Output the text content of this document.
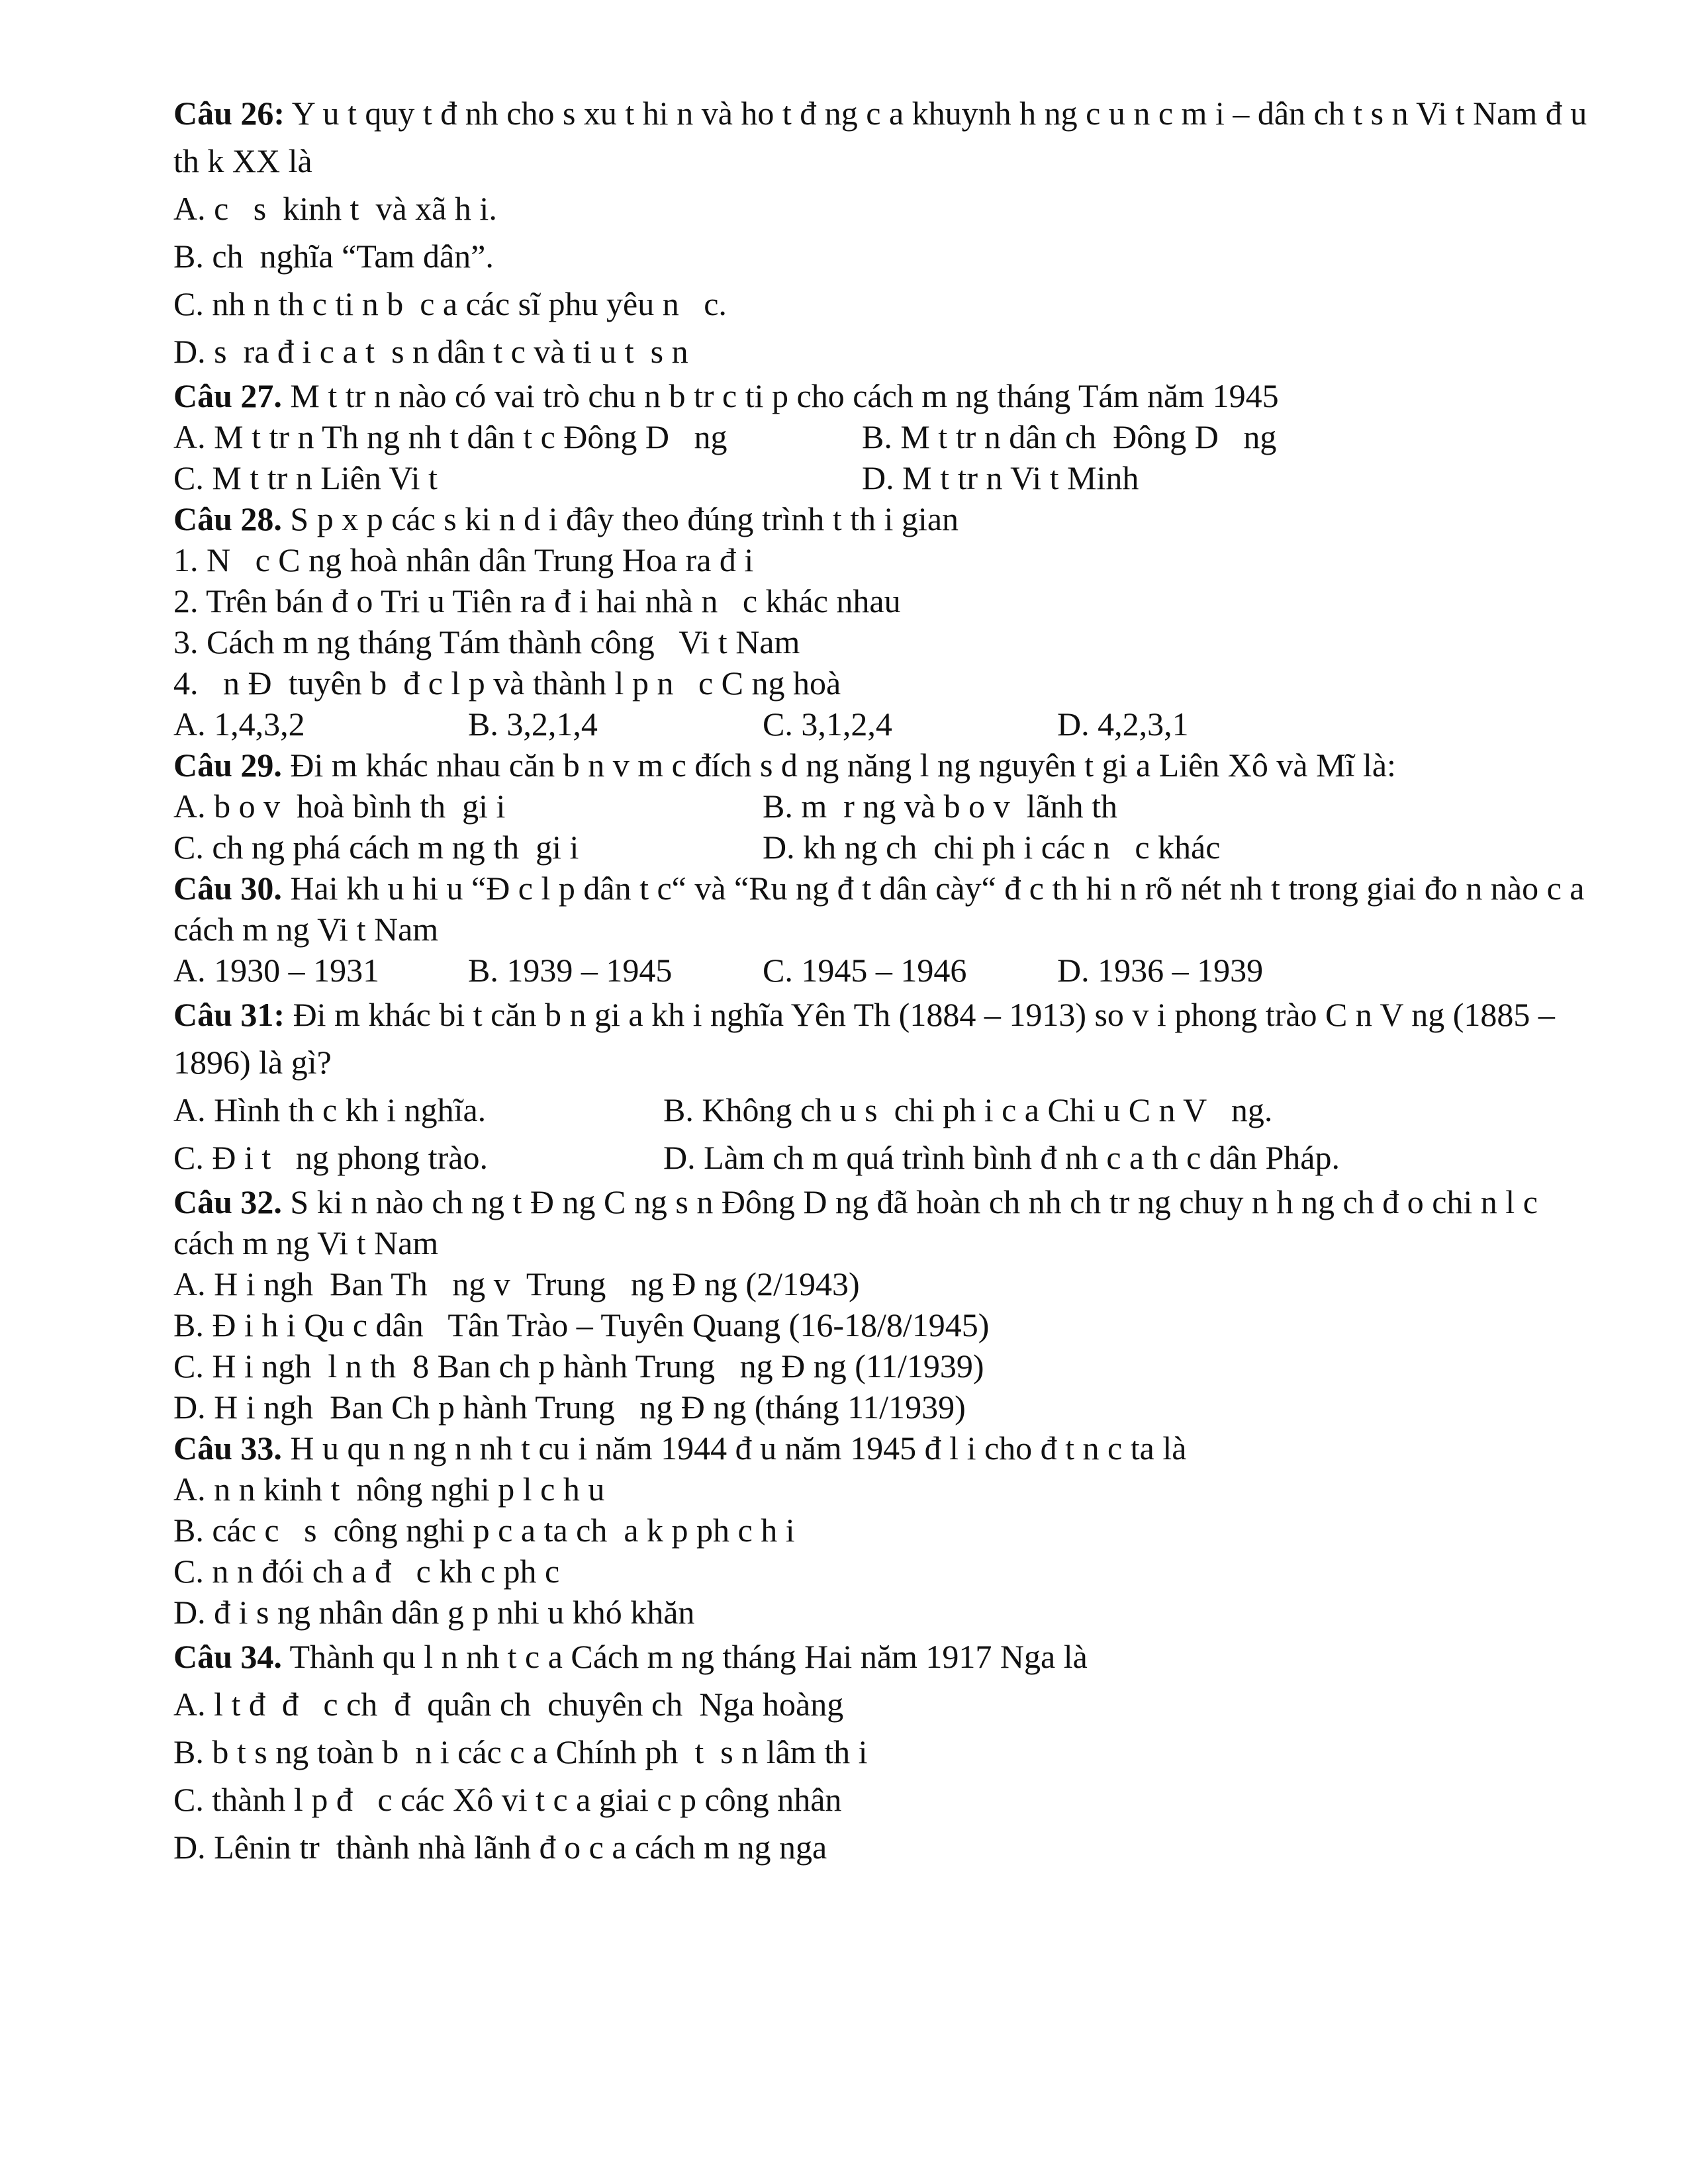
Câu 26: Y u t quy t đ nh cho s xu t hi n và ho t đ ng c a khuynh h ng c u n c m i – dân ch t s n Vi t Nam đ u th k XX là

A. c   s  kinh t  và xã h i.

B. ch  nghĩa “Tam dân”.

C. nh n th c ti n b  c a các sĩ phu yêu n   c.

D. s  ra đ i c a t  s n dân t c và ti u t  s n

Câu 27. M t tr n nào có vai trò chu n b tr c ti p cho cách m ng tháng Tám năm 1945

A. M t tr n Th ng nh t dân t c Đông D   ng	B. M t tr n dân ch  Đông D   ng
C. M t tr n Liên Vi t	D. M t tr n Vi t Minh

Câu 28. S p x p các s ki n d i đây theo đúng trình t th i gian

1. N   c C ng hoà nhân dân Trung Hoa ra đ i

2. Trên bán đ o Tri u Tiên ra đ i hai nhà n   c khác nhau

3. Cách m ng tháng Tám thành công   Vi t Nam

4.   n Đ  tuyên b  đ c l p và thành l p n   c C ng hoà

A. 1,4,3,2	B. 3,2,1,4	C. 3,1,2,4	D. 4,2,3,1

Câu 29. Đi m khác nhau căn b n v m c đích s d ng năng l ng nguyên t gi a Liên Xô và Mĩ là:

A. b o v  hoà bình th  gi i	B. m  r ng và b o v  lãnh th
C. ch ng phá cách m ng th  gi i	D. kh ng ch  chi ph i các n   c khác

Câu 30. Hai kh u hi u “Đ c l p dân t c“ và “Ru ng đ t dân cày“ đ c th hi n rõ nét nh t trong giai đo n nào c a cách m ng Vi t Nam

A. 1930 – 1931	B. 1939 – 1945	C. 1945 – 1946	D. 1936 – 1939

Câu 31: Đi m khác bi t căn b n gi a kh i nghĩa Yên Th (1884 – 1913) so v i phong trào C n V ng (1885 – 1896) là gì?

A. Hình th c kh i nghĩa.	B. Không ch u s  chi ph i c a Chi u C n V   ng.
C. Đ i t   ng phong trào.	D. Làm ch m quá trình bình đ nh c a th c dân Pháp.

Câu 32. S ki n nào ch ng t Đ ng C ng s n Đông D ng đã hoàn ch nh ch tr ng chuy n h ng ch đ o chi n l c cách m ng Vi t Nam

A. H i ngh  Ban Th   ng v  Trung   ng Đ ng (2/1943)

B. Đ i h i Qu c dân   Tân Trào – Tuyên Quang (16-18/8/1945)

C. H i ngh  l n th  8 Ban ch p hành Trung   ng Đ ng (11/1939)

D. H i ngh  Ban Ch p hành Trung   ng Đ ng (tháng 11/1939)

Câu 33. H u qu n ng n nh t cu i năm 1944 đ u năm 1945 đ l i cho đ t n c ta là

A. n n kinh t  nông nghi p l c h u

B. các c   s  công nghi p c a ta ch  a k p ph c h i

C. n n đói ch a đ   c kh c ph c

D. đ i s ng nhân dân g p nhi u khó khăn

Câu 34. Thành qu l n nh t c a Cách m ng tháng Hai năm 1917 Nga là

A. l t đ  đ   c ch  đ  quân ch  chuyên ch  Nga hoàng

B. b t s ng toàn b  n i các c a Chính ph  t  s n lâm th i

C. thành l p đ   c các Xô vi t c a giai c p công nhân

D. Lênin tr  thành nhà lãnh đ o c a cách m ng nga
